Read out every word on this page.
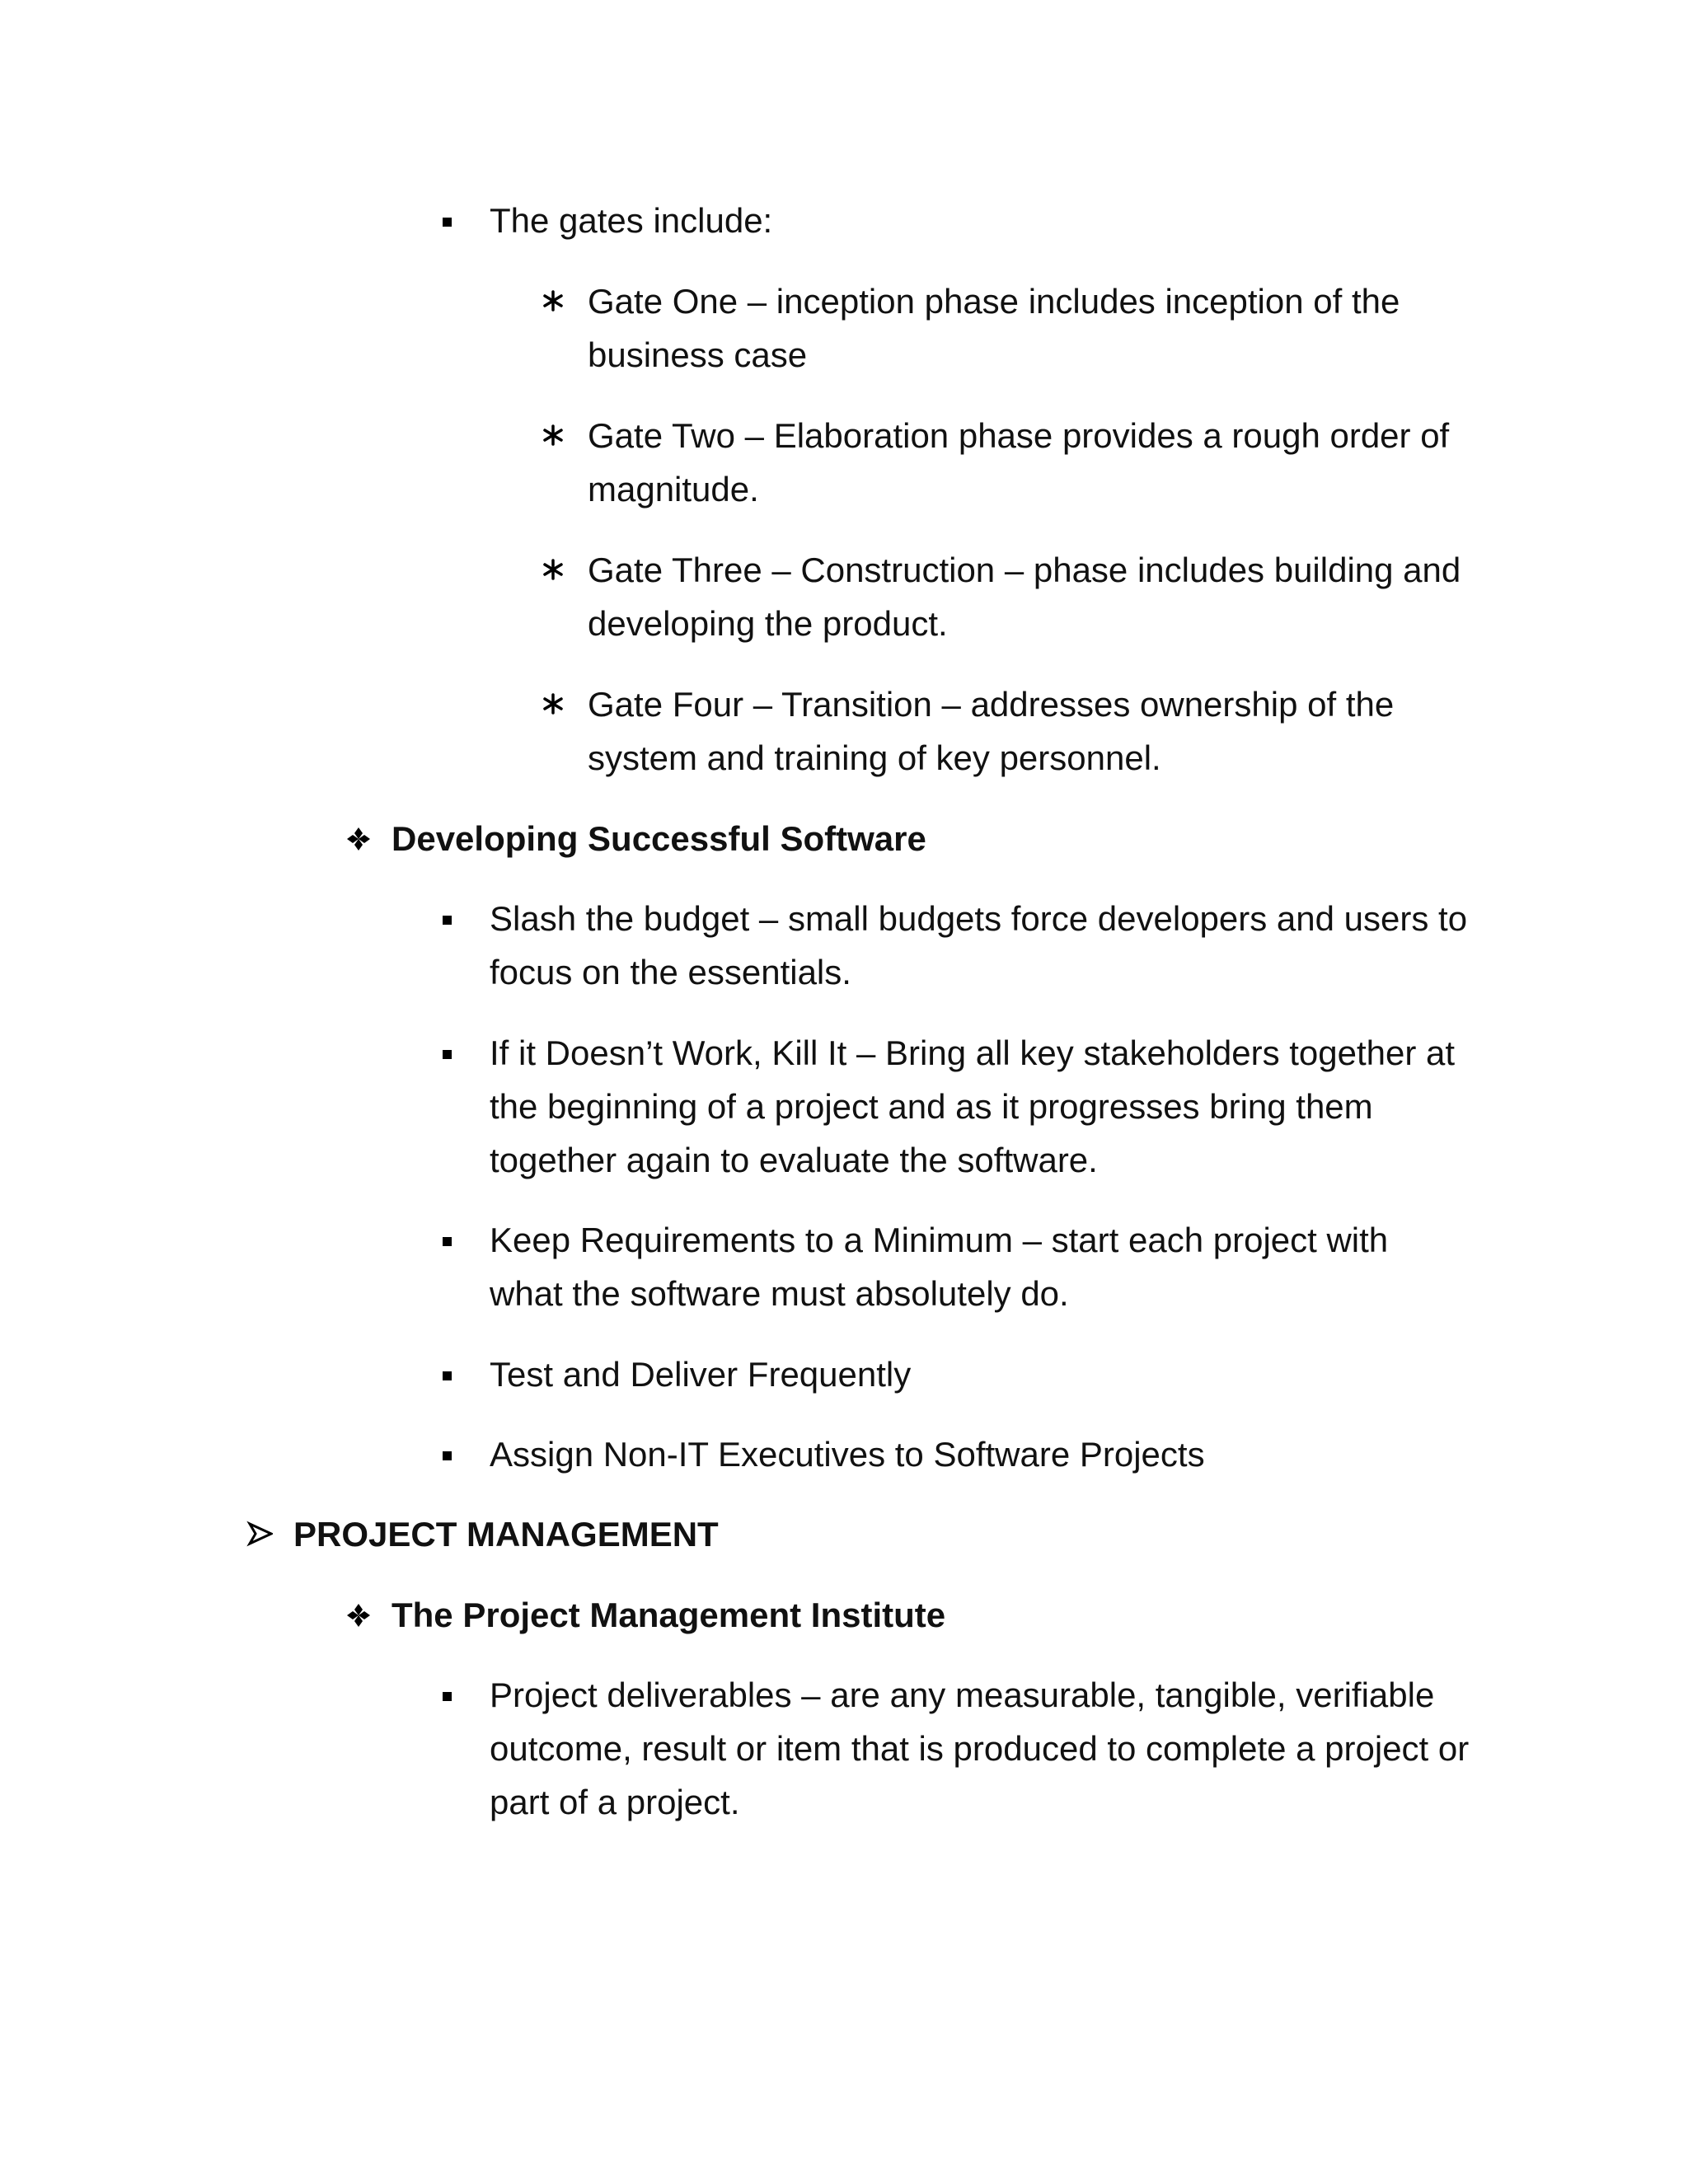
The gates include:
Gate One – inception phase includes inception of the business case
Gate Two – Elaboration phase provides a rough order of magnitude.
Gate Three – Construction – phase includes building and developing the product.
Gate Four – Transition – addresses ownership of the system and training of key personnel.
Developing Successful Software
Slash the budget – small budgets force developers and users to focus on the essentials.
If it Doesn’t Work, Kill It – Bring all key stakeholders together at the beginning of a project and as it progresses bring them together again to evaluate the software.
Keep Requirements to a Minimum – start each project with what the software must absolutely do.
Test and Deliver Frequently
Assign Non-IT Executives to Software Projects
PROJECT MANAGEMENT
The Project Management Institute
Project deliverables – are any measurable, tangible, verifiable outcome, result or item that is produced to complete a project or part of a project.
